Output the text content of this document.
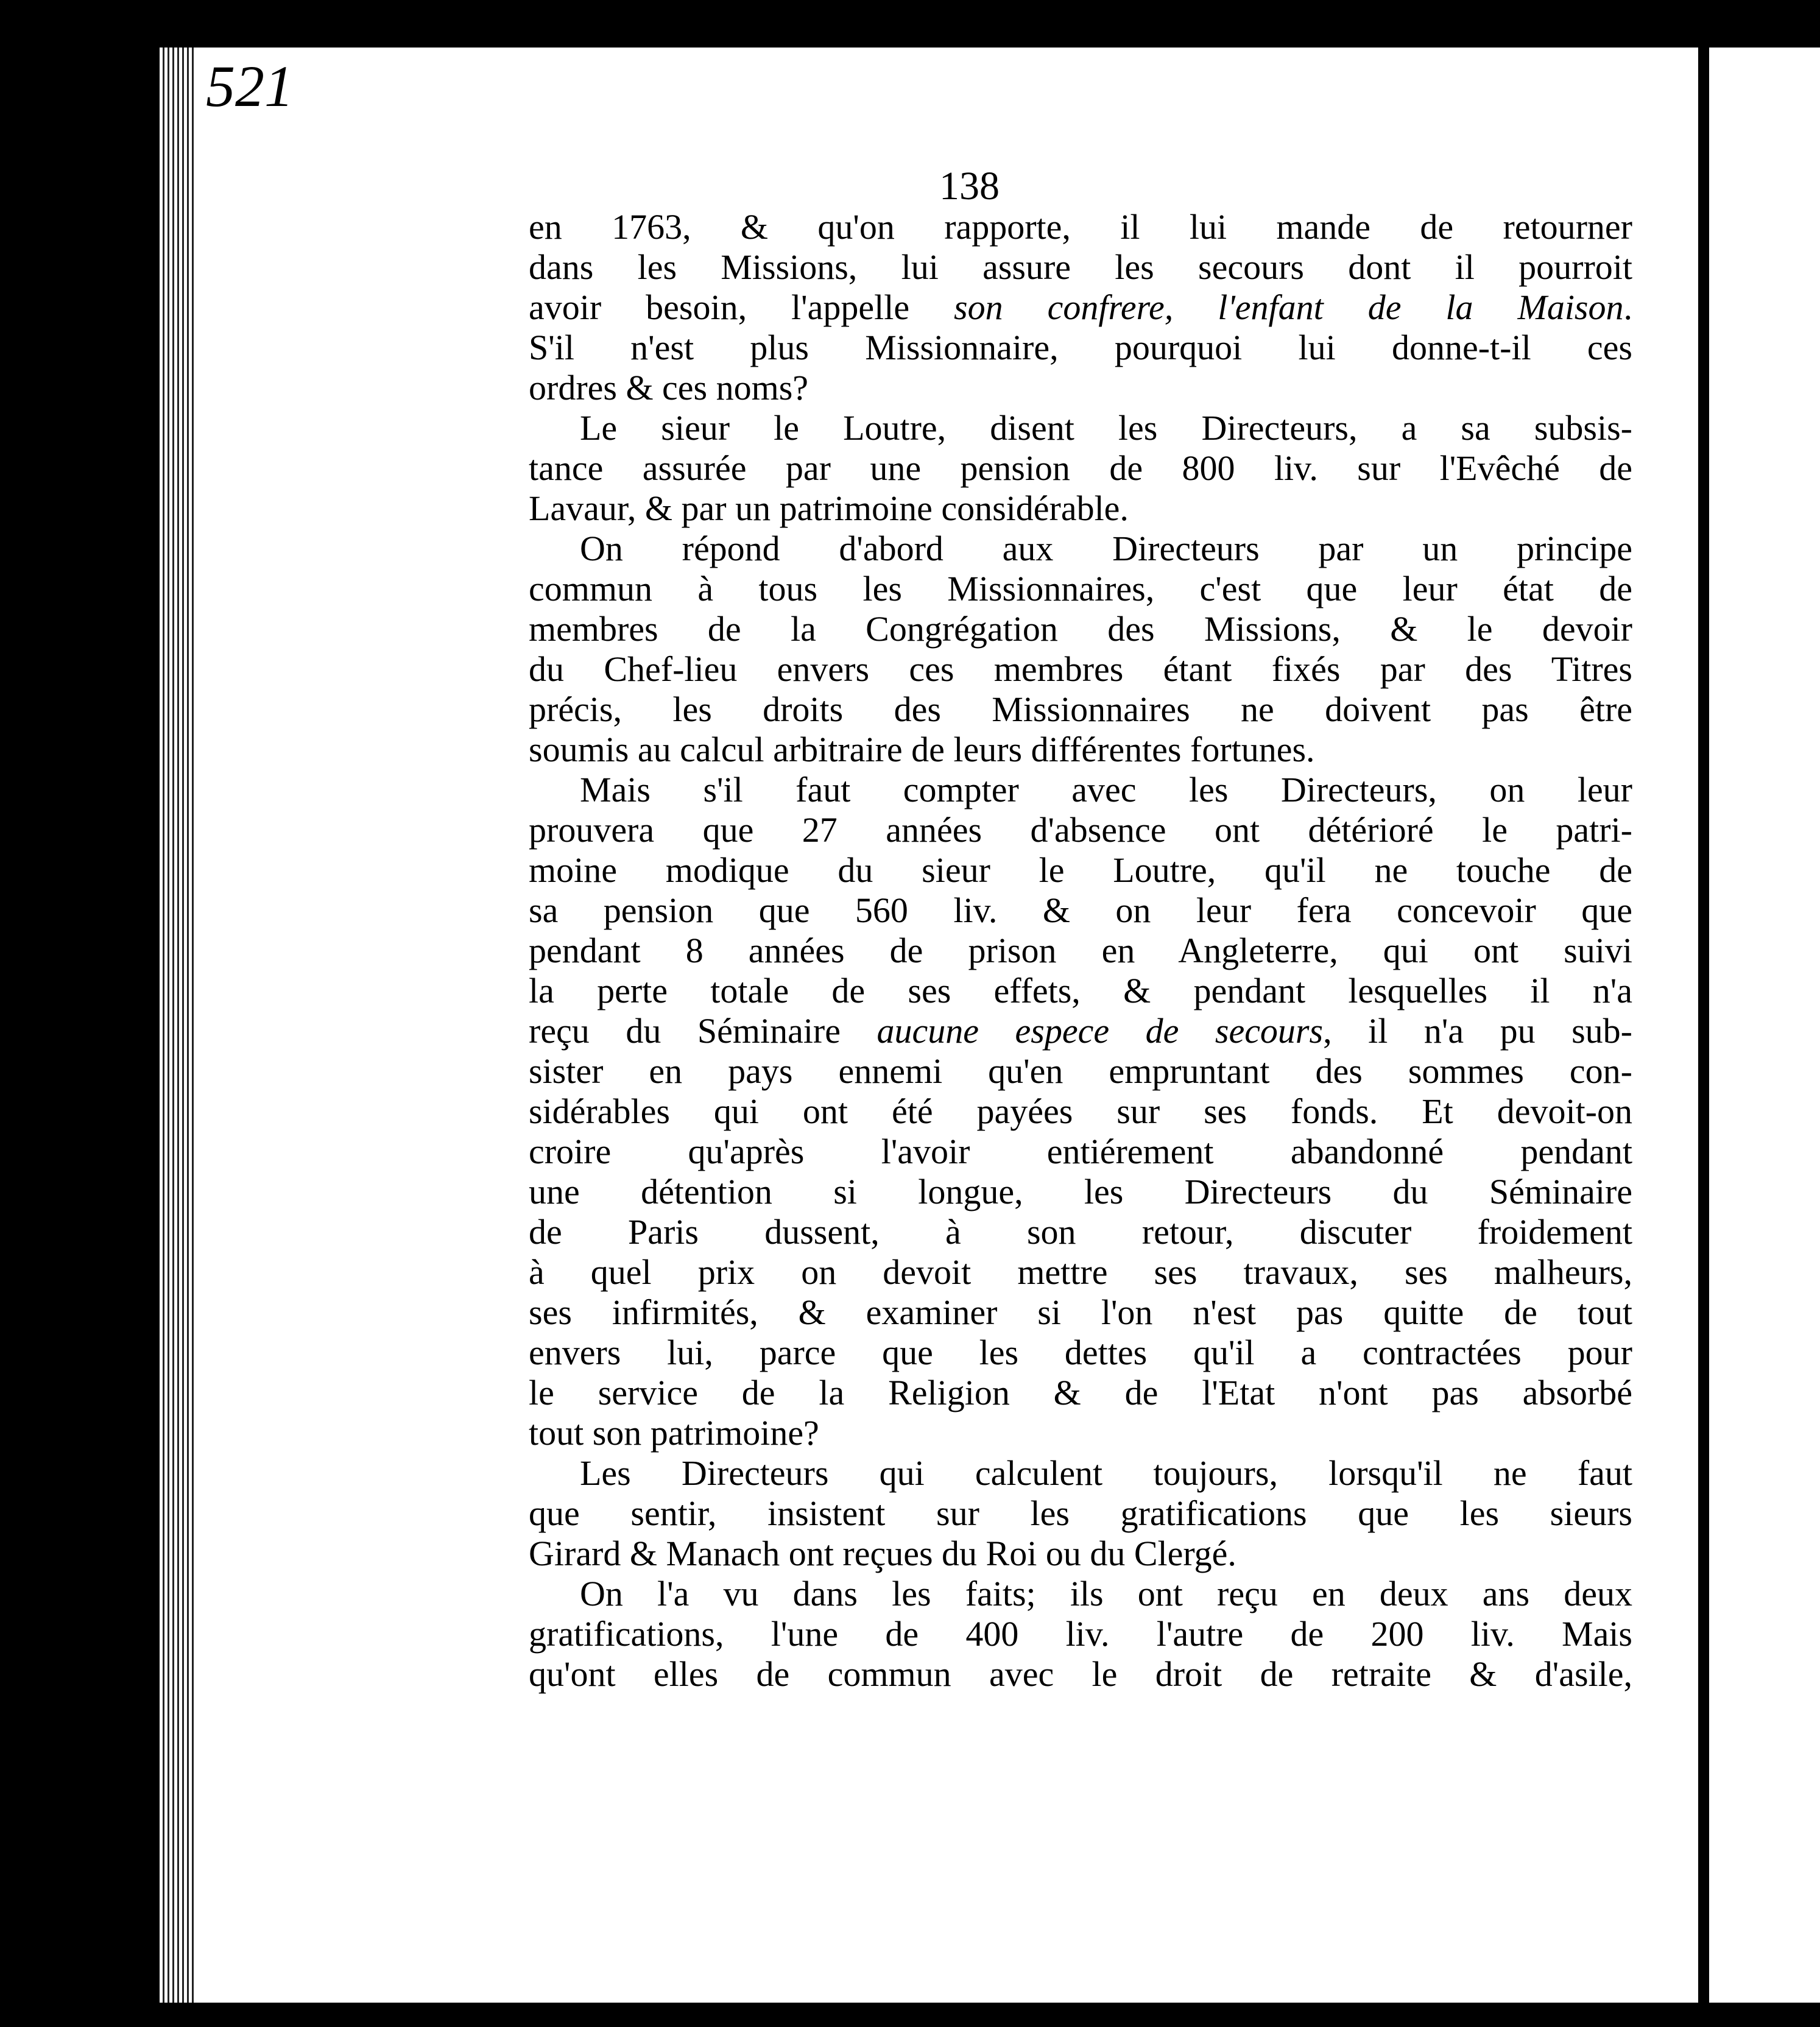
521
138
en 1763, & qu'on rapporte, il lui mande de retourner
dans les Missions, lui assure les secours dont il pourroit
avoir besoin, l'appelle son confrere, l'enfant de la Maison.
S'il n'est plus Missionnaire, pourquoi lui donne-t-il ces
ordres & ces noms?
Le sieur le Loutre, disent les Directeurs, a sa subsis-
tance assurée par une pension de 800 liv. sur l'Evêché de
Lavaur, & par un patrimoine considérable.
On répond d'abord aux Directeurs par un principe
commun à tous les Missionnaires, c'est que leur état de
membres de la Congrégation des Missions, & le devoir
du Chef-lieu envers ces membres étant fixés par des Titres
précis, les droits des Missionnaires ne doivent pas être
soumis au calcul arbitraire de leurs différentes fortunes.
Mais s'il faut compter avec les Directeurs, on leur
prouvera que 27 années d'absence ont détérioré le patri-
moine modique du sieur le Loutre, qu'il ne touche de
sa pension que 560 liv. & on leur fera concevoir que
pendant 8 années de prison en Angleterre, qui ont suivi
la perte totale de ses effets, & pendant lesquelles il n'a
reçu du Séminaire aucune espece de secours, il n'a pu sub-
sister en pays ennemi qu'en empruntant des sommes con-
sidérables qui ont été payées sur ses fonds. Et devoit-on
croire qu'après l'avoir entiérement abandonné pendant
une détention si longue, les Directeurs du Séminaire
de Paris dussent, à son retour, discuter froidement
à quel prix on devoit mettre ses travaux, ses malheurs,
ses infirmités, & examiner si l'on n'est pas quitte de tout
envers lui, parce que les dettes qu'il a contractées pour
le service de la Religion & de l'Etat n'ont pas absorbé
tout son patrimoine?
Les Directeurs qui calculent toujours, lorsqu'il ne faut
que sentir, insistent sur les gratifications que les sieurs
Girard & Manach ont reçues du Roi ou du Clergé.
On l'a vu dans les faits; ils ont reçu en deux ans deux
gratifications, l'une de 400 liv. l'autre de 200 liv. Mais
qu'ont elles de commun avec le droit de retraite & d'asile,
